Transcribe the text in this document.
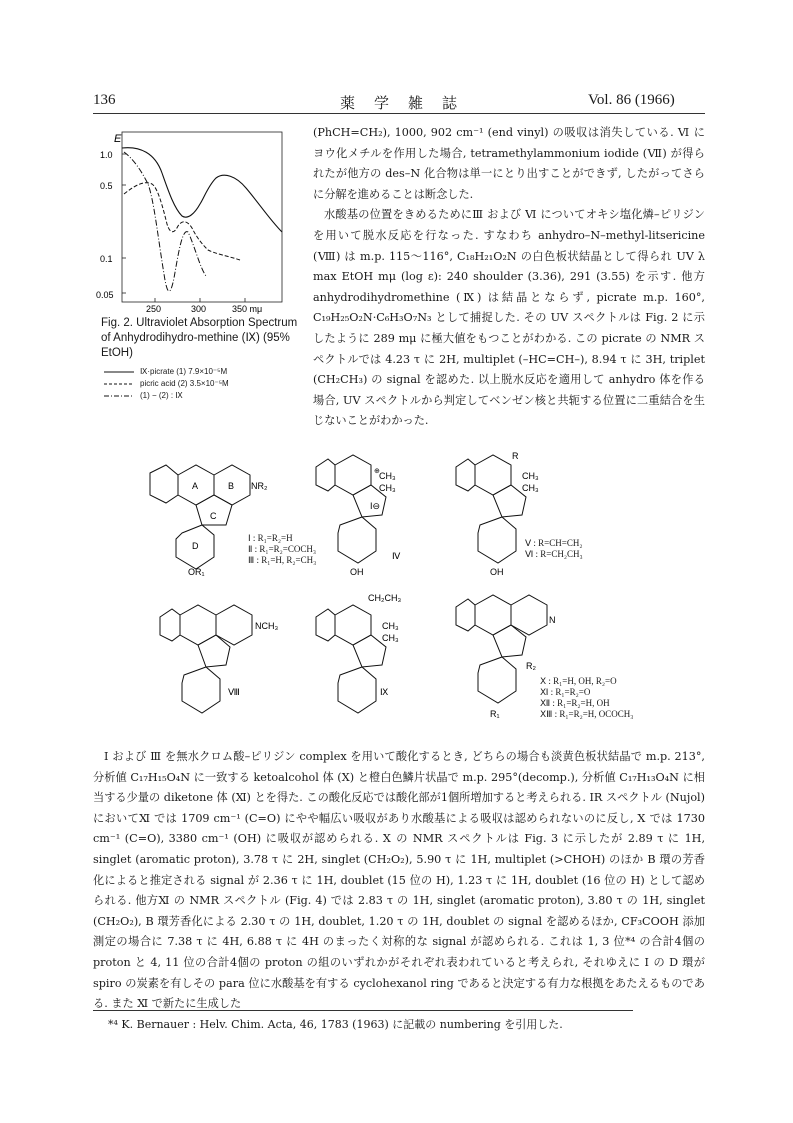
136	薬　学　雑　誌	Vol. 86 (1966)
E
1.0
0.5
0.1
0.05
250	300	350 mμ
Fig. 2. Ultraviolet Absorption Spectrum of Anhydrodihydro-methine (Ⅸ) (95% EtOH)
Ⅸ·picrate (1) 7.9×10⁻⁵M
picric acid (2) 3.5×10⁻⁵M
(1) − (2) : Ⅸ

(PhCH=CH₂), 1000, 902 cm⁻¹ (end vinyl) の吸収は消失している. Ⅵ にヨウ化メチルを作用した場合, tetramethylammonium iodide (Ⅶ) が得られたが他方の des–N 化合物は単一にとり出すことができず, したがってさらに分解を進めることは断念した.

水酸基の位置をきめるためにⅢ および Ⅵ についてオキシ塩化燐–ピリジンを用いて脱水反応を行なった. すなわち anhydro–N–methyl-litsericine (Ⅷ) は m.p. 115〜116°, C₁₈H₂₁O₂N の白色板状結晶として得られ UV λ max EtOH mμ (log ε): 240 shoulder (3.36), 291 (3.55) を示す. 他方 anhydrodihydromethine (Ⅸ) は結晶とならず, picrate m.p. 160°, C₁₉H₂₅O₂N·C₆H₃O₇N₃ として捕捉した. その UV スペクトルは Fig. 2 に示したように 289 mμ に極大値をもつことがわかる. この picrate の NMR スペクトルでは 4.23 τ に 2H, multiplet (–HC=CH–), 8.94 τ に 3H, triplet (CH₂CH₃) の signal を認めた. 以上脱水反応を適用して anhydro 体を作る場合, UV スペクトルから判定してベンゼン核と共轭する位置に二重結合を生じないことがわかった.

OR₁
NR₂
A	B
C
D
CH₃
CH₃
I⊖
OH
⊕
Ⅳ
R
CH₃
CH₃
OH
NCH₃
Ⅷ
CH₂CH₃
CH₃
CH₃
Ⅸ
N
R₂
R₁
Ⅰ : R₁=R₂=H
Ⅱ : R₁=R₂=COCH₃
Ⅲ : R₁=H, R₂=CH₃
Ⅴ : R=CH=CH₂
Ⅵ : R=CH₂CH₃
Ⅹ : R₁=H, OH, R₂=O
Ⅺ : R₁=R₂=O
Ⅻ : R₁=R₂=H, OH
ⅩⅢ : R₁=R₂=H, OCOCH₃

Ⅰ および Ⅲ を無水クロム酸–ピリジン complex を用いて酸化するとき, どちらの場合も淡黄色板状結晶で m.p. 213°, 分析値 C₁₇H₁₅O₄N に一致する ketoalcohol 体 (Ⅹ) と橙白色鱗片状晶で m.p. 295°(decomp.), 分析値 C₁₇H₁₃O₄N に相当する少量の diketone 体 (Ⅺ) とを得た. この酸化反応では酸化部が1個所増加すると考えられる. IR スペクトル (Nujol) においてⅪ では 1709 cm⁻¹ (C=O) にやや幅広い吸収があり水酸基による吸収は認められないのに反し, Ⅹ では 1730 cm⁻¹ (C=O), 3380 cm⁻¹ (OH) に吸収が認められる. Ⅹ の NMR スペクトルは Fig. 3 に示したが 2.89 τ に 1H, singlet (aromatic proton), 3.78 τ に 2H, singlet (CH₂O₂), 5.90 τ に 1H, multiplet (>CHOH) のほか B 環の芳香化によると推定される signal が 2.36 τ に 1H, doublet (15 位の H), 1.23 τ に 1H, doublet (16 位の H) として認められる. 他方Ⅺ の NMR スペクトル (Fig. 4) では 2.83 τ の 1H, singlet (aromatic proton), 3.80 τ の 1H, singlet (CH₂O₂), B 環芳香化による 2.30 τ の 1H, doublet, 1.20 τ の 1H, doublet の signal を認めるほか, CF₃COOH 添加測定の場合に 7.38 τ に 4H, 6.88 τ に 4H のまったく対称的な signal が認められる. これは 1, 3 位*⁴ の合計4個の proton と 4, 11 位の合計4個の proton の組のいずれかがそれぞれ表われていると考えられ, それゆえに Ⅰ の D 環が spiro の炭素を有しその para 位に水酸基を有する cyclohexanol ring であると決定する有力な根拠をあたえるものである. また Ⅺ で新たに生成した

*⁴ K. Bernauer : Helv. Chim. Acta, 46, 1783 (1963) に記載の numbering を引用した.
